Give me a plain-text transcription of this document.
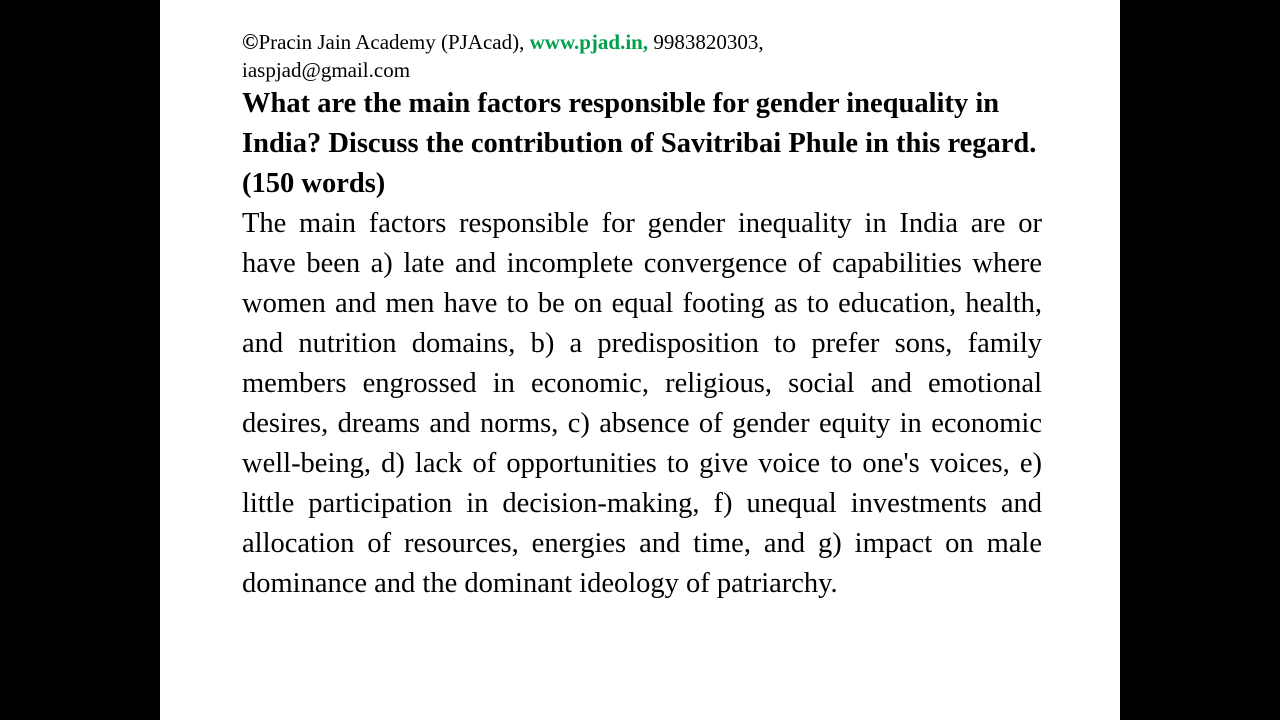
©Pracin Jain Academy (PJAcad), www.pjad.in, 9983820303,
iaspjad@gmail.com
What are the main factors responsible for gender inequality in India? Discuss the contribution of Savitribai Phule in this regard. (150 words)
The main factors responsible for gender inequality in India are or have been a) late and incomplete convergence of capabilities where women and men have to be on equal footing as to education, health, and nutrition domains, b) a predisposition to prefer sons, family members engrossed in economic, religious, social and emotional desires, dreams and norms, c) absence of gender equity in economic well-being, d) lack of opportunities to give voice to one's voices, e) little participation in decision-making, f) unequal investments and allocation of resources, energies and time, and g) impact on male dominance and the dominant ideology of patriarchy.
